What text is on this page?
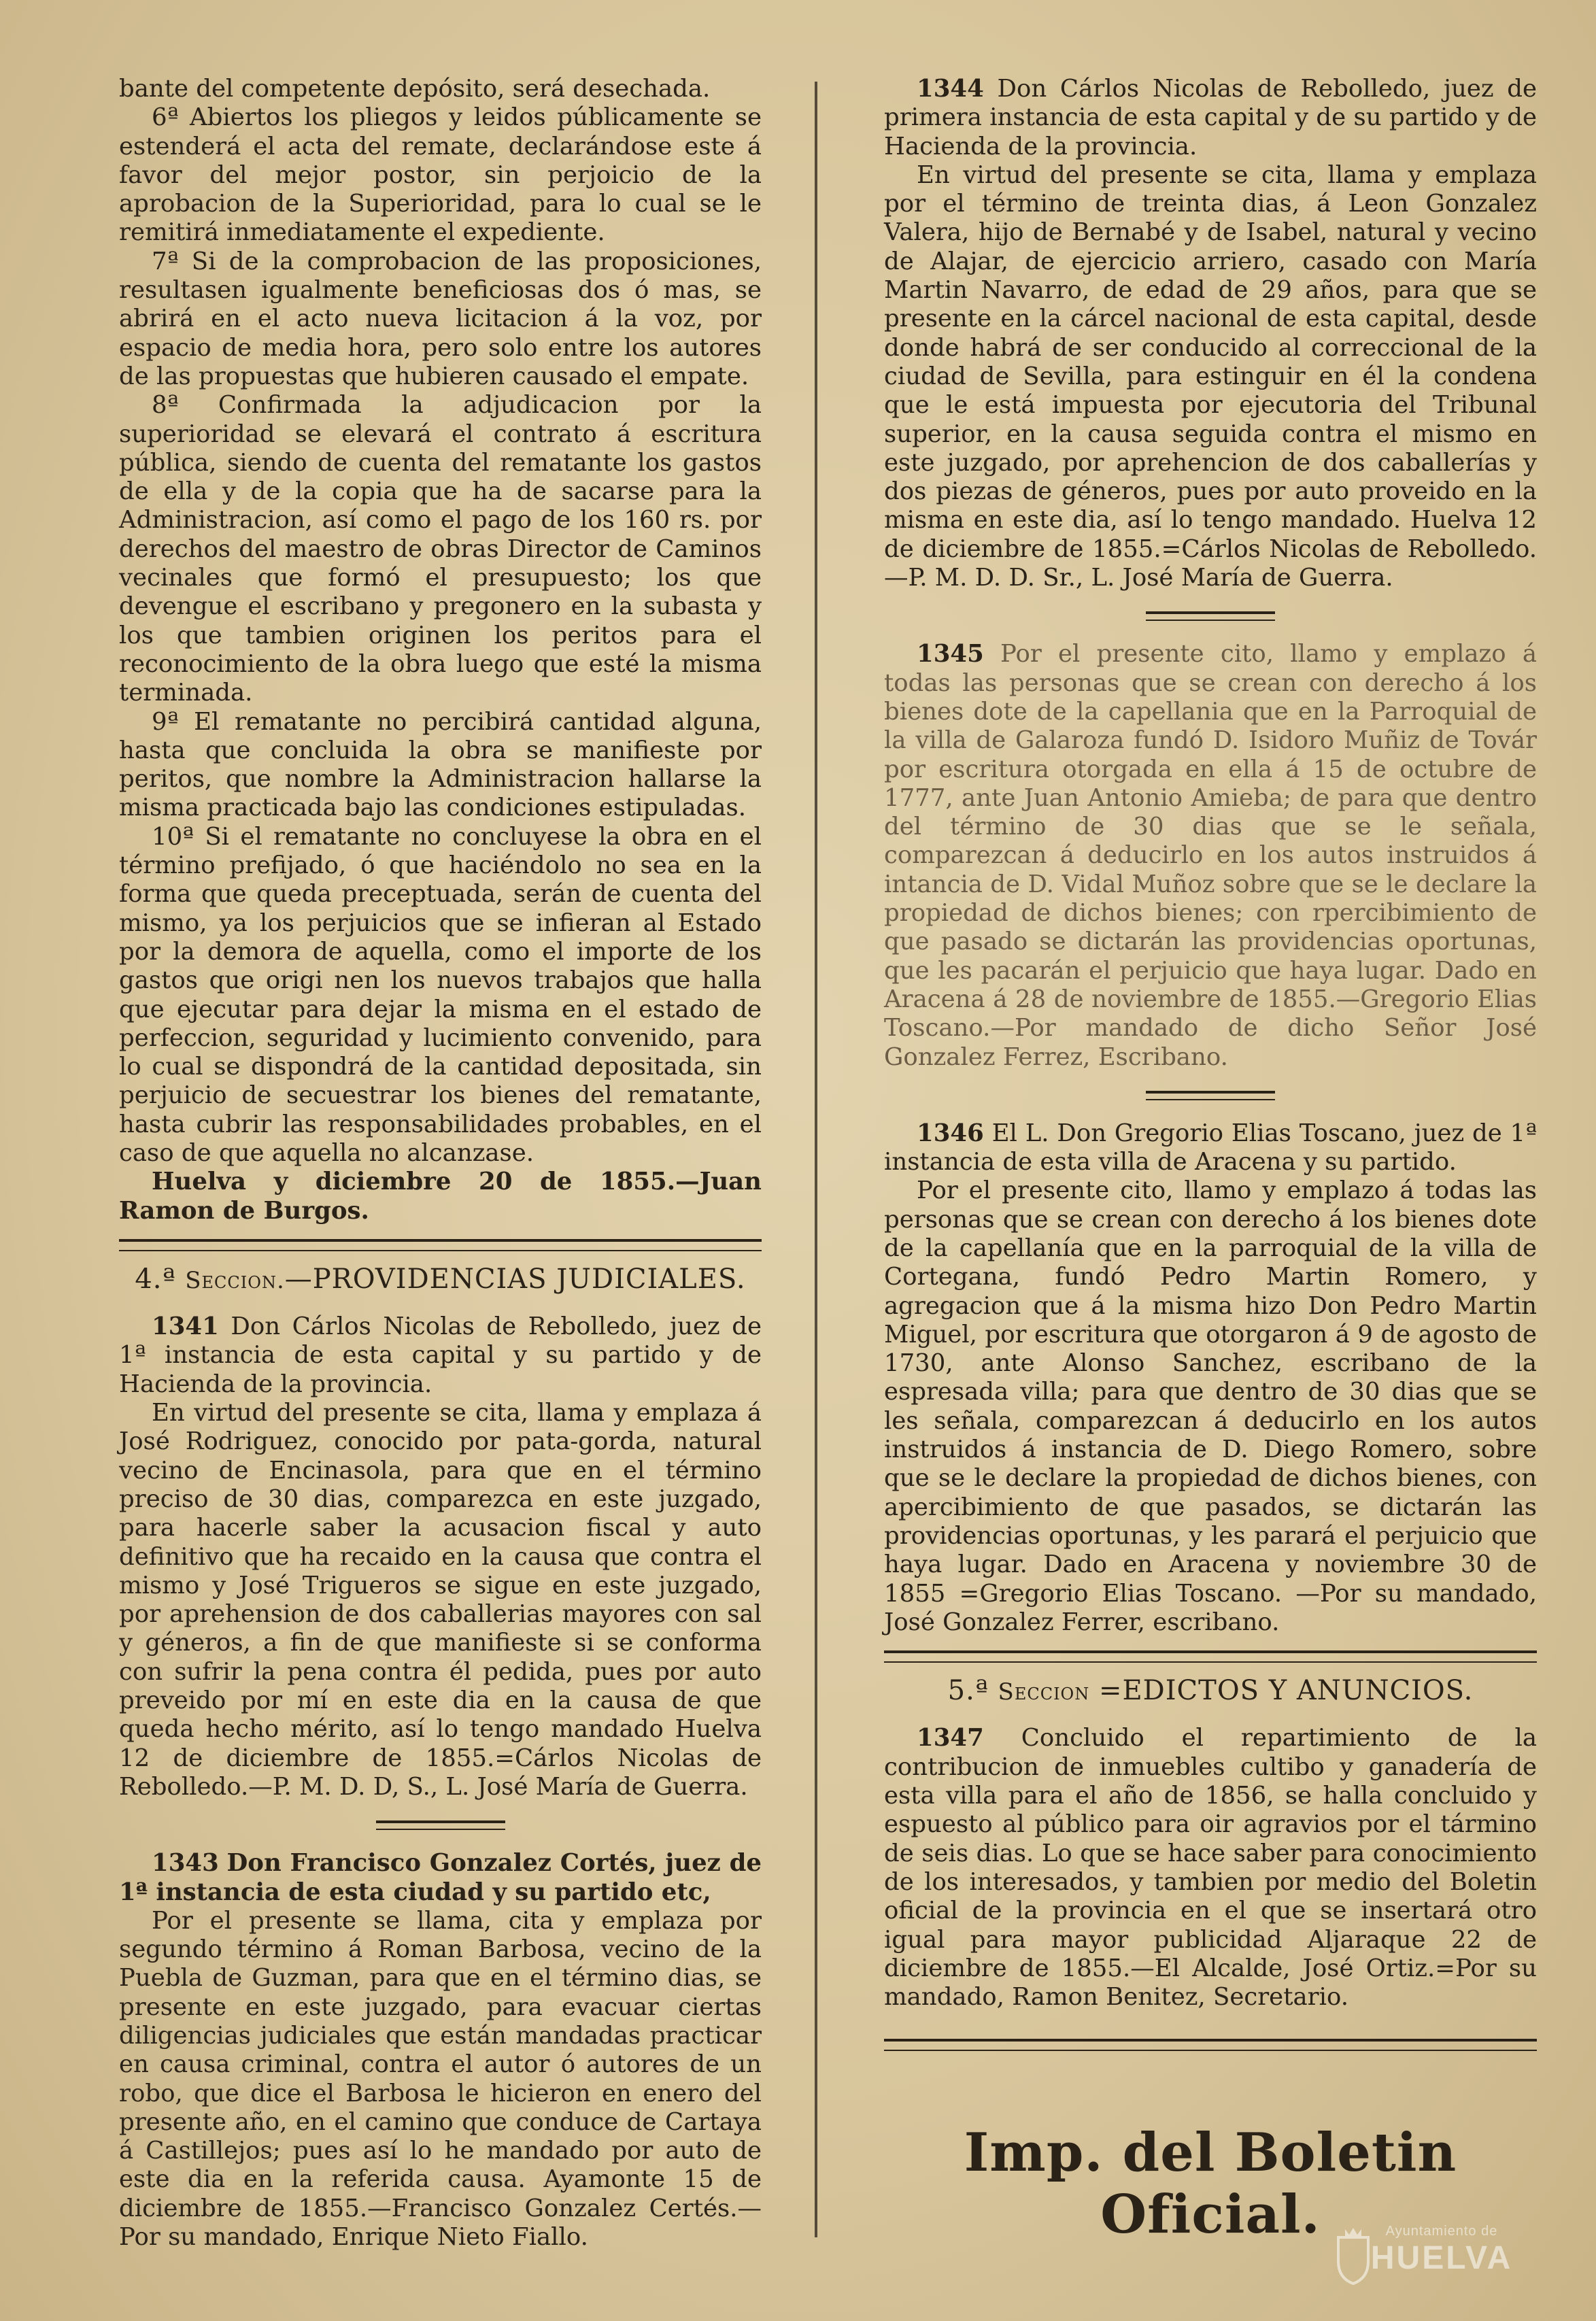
bante del competente depósito, será desechada.

6ª Abiertos los pliegos y leidos públicamente se estenderá el acta del remate, declarándose este á favor del mejor postor, sin perjoicio de la aprobacion de la Superioridad, para lo cual se le remitirá inmediatamente el expediente.

7ª Si de la comprobacion de las proposiciones, resultasen igualmente beneficiosas dos ó mas, se abrirá en el acto nueva licitacion á la voz, por espacio de media hora, pero solo entre los autores de las propuestas que hubieren causado el empate.

8ª Confirmada la adjudicacion por la superioridad se elevará el contrato á escritura pública, siendo de cuenta del rematante los gastos de ella y de la copia que ha de sacarse para la Administracion, así como el pago de los 160 rs. por derechos del maestro de obras Director de Caminos vecinales que formó el presupuesto; los que devengue el escribano y pregonero en la subasta y los que tambien originen los peritos para el reconocimiento de la obra luego que esté la misma terminada.

9ª El rematante no percibirá cantidad alguna, hasta que concluida la obra se manifieste por peritos, que nombre la Administracion hallarse la misma practicada bajo las condiciones estipuladas.

10ª Si el rematante no concluyese la obra en el término prefijado, ó que haciéndolo no sea en la forma que queda preceptuada, serán de cuenta del mismo, ya los perjuicios que se infieran al Estado por la demora de aquella, como el importe de los gastos que origi nen los nuevos trabajos que halla que ejecutar para dejar la misma en el estado de perfeccion, seguridad y lucimiento convenido, para lo cual se dispondrá de la cantidad depositada, sin perjuicio de secuestrar los bienes del rematante, hasta cubrir las responsabilidades probables, en el caso de que aquella no alcanzase.

Huelva y diciembre 20 de 1855.—Juan Ramon de Burgos.

4.ª Seccion.—PROVIDENCIAS JUDICIALES.

1341 Don Cárlos Nicolas de Rebolledo, juez de 1ª instancia de esta capital y su partido y de Hacienda de la provincia.

En virtud del presente se cita, llama y emplaza á José Rodriguez, conocido por pata-gorda, natural vecino de Encinasola, para que en el término preciso de 30 dias, comparezca en este juzgado, para hacerle saber la acusacion fiscal y auto definitivo que ha recaido en la causa que contra el mismo y José Trigueros se sigue en este juzgado, por aprehension de dos caballerias mayores con sal y géneros, a fin de que manifieste si se conforma con sufrir la pena contra él pedida, pues por auto preveido por mí en este dia en la causa de que queda hecho mérito, así lo tengo mandado Huelva 12 de diciembre de 1855.=Cárlos Nicolas de Rebolledo.—P. M. D. D, S., L. José María de Guerra.

1343 Don Francisco Gonzalez Cortés, juez de 1ª instancia de esta ciudad y su partido etc,

Por el presente se llama, cita y emplaza por segundo término á Roman Barbosa, vecino de la Puebla de Guzman, para que en el término dias, se presente en este juzgado, para evacuar ciertas diligencias judiciales que están mandadas practicar en causa criminal, contra el autor ó autores de un robo, que dice el Barbosa le hicieron en enero del presente año, en el camino que conduce de Cartaya á Castillejos; pues así lo he mandado por auto de este dia en la referida causa. Ayamonte 15 de diciembre de 1855.—Francisco Gonzalez Certés.—Por su mandado, Enrique Nieto Fiallo.

1344 Don Cárlos Nicolas de Rebolledo, juez de primera instancia de esta capital y de su partido y de Hacienda de la provincia.

En virtud del presente se cita, llama y emplaza por el término de treinta dias, á Leon Gonzalez Valera, hijo de Bernabé y de Isabel, natural y vecino de Alajar, de ejercicio arriero, casado con María Martin Navarro, de edad de 29 años, para que se presente en la cárcel nacional de esta capital, desde donde habrá de ser conducido al correccional de la ciudad de Sevilla, para estinguir en él la condena que le está impuesta por ejecutoria del Tribunal superior, en la causa seguida contra el mismo en este juzgado, por aprehencion de dos caballerías y dos piezas de géneros, pues por auto proveido en la misma en este dia, así lo tengo mandado. Huelva 12 de diciembre de 1855.=Cárlos Nicolas de Rebolledo.—P. M. D. D. Sr., L. José María de Guerra.

1345 Por el presente cito, llamo y emplazo á todas las personas que se crean con derecho á los bienes dote de la capellania que en la Parroquial de la villa de Galaroza fundó D. Isidoro Muñiz de Továr por escritura otorgada en ella á 15 de octubre de 1777, ante Juan Antonio Amieba; de para que dentro del término de 30 dias que se le señala, comparezcan á deducirlo en los autos instruidos á intancia de D. Vidal Muñoz sobre que se le declare la propiedad de dichos bienes; con rpercibimiento de que pasado se dictarán las providencias oportunas, que les pacarán el perjuicio que haya lugar. Dado en Aracena á 28 de noviembre de 1855.—Gregorio Elias Toscano.—Por mandado de dicho Señor José Gonzalez Ferrez, Escribano.

1346 El L. Don Gregorio Elias Toscano, juez de 1ª instancia de esta villa de Aracena y su partido.

Por el presente cito, llamo y emplazo á todas las personas que se crean con derecho á los bienes dote de la capellanía que en la parroquial de la villa de Cortegana, fundó Pedro Martin Romero, y agregacion que á la misma hizo Don Pedro Martin Miguel, por escritura que otorgaron á 9 de agosto de 1730, ante Alonso Sanchez, escribano de la espresada villa; para que dentro de 30 dias que se les señala, comparezcan á deducirlo en los autos instruidos á instancia de D. Diego Romero, sobre que se le declare la propiedad de dichos bienes, con apercibimiento de que pasados, se dictarán las providencias oportunas, y les parará el perjuicio que haya lugar. Dado en Aracena y noviembre 30 de 1855 =Gregorio Elias Toscano. —Por su mandado, José Gonzalez Ferrer, escribano.

5.ª Seccion =EDICTOS Y ANUNCIOS.

1347 Concluido el repartimiento de la contribucion de inmuebles cultibo y ganadería de esta villa para el año de 1856, se halla concluido y espuesto al público para oir agravios por el tármino de seis dias. Lo que se hace saber para conocimiento de los interesados, y tambien por medio del Boletin oficial de la provincia en el que se insertará otro igual para mayor publicidad Aljaraque 22 de diciembre de 1855.—El Alcalde, José Ortiz.=Por su mandado, Ramon Benitez, Secretario.

Imp. del Boletin Oficial.	Ayuntamiento de
HUELVA
